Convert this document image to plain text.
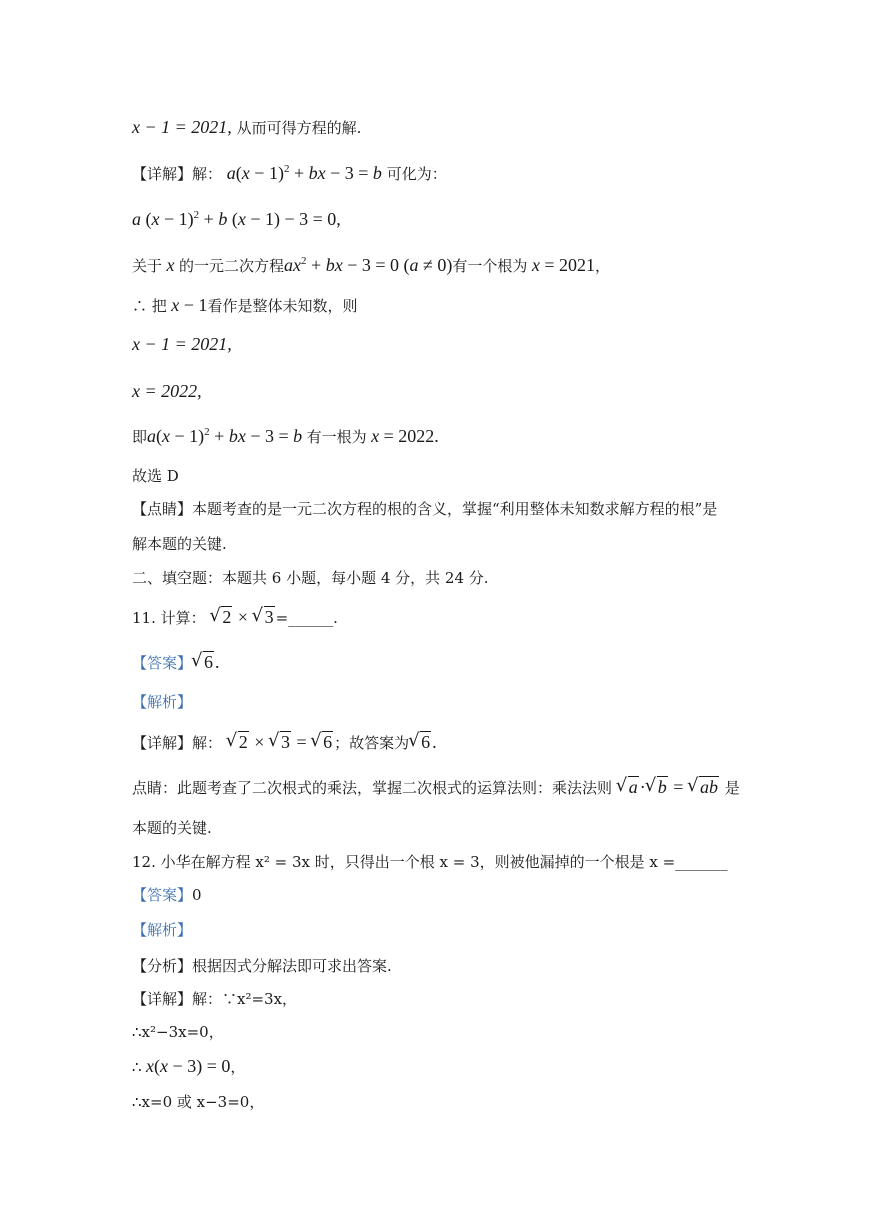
x − 1 = 2021, 从而可得方程的解.
【详解】解： $a(x - 1)^2$ + bx − 3 = b 可化为：
a $(x - 1)^2 + b$ (x − 1) − 3 = 0,
关于 x 的一元二次方程$ax^2$ + bx − 3 = 0 (a ≠ 0)有一个根为 x = 2021，
∴ 把 x − 1看作是整体未知数，则
x − 1 = 2021,
x = 2022,
即$a(x - 1)^2$ + bx − 3 = b 有一根为 x = 2022.
故选 D
【点睛】本题考查的是一元二次方程的根的含义，掌握“利用整体未知数求解方程的根”是
解本题的关键.
二、填空题：本题共 6 小题，每小题 4 分，共 24 分.
11. 计算： √ 2 × √ 3 =______.
【答案】 √ 6 .
【解析】
【详解】解： √ 2 × √ 3 = √ 6 ；故答案为 √ 6 .
点睛：此题考查了二次根式的乘法，掌握二次根式的运算法则：乘法法则 √ a · √ b = √ ab 是
本题的关键.
12. 小华在解方程 x² = 3x 时，只得出一个根 x = 3，则被他漏掉的一个根是 x =_______
【答案】0
【解析】
【分析】根据因式分解法即可求出答案.
【详解】解：∵x²=3x，
∴x²−3x=0，
∴ x(x − 3) = 0，
∴x=0 或 x−3=0，
